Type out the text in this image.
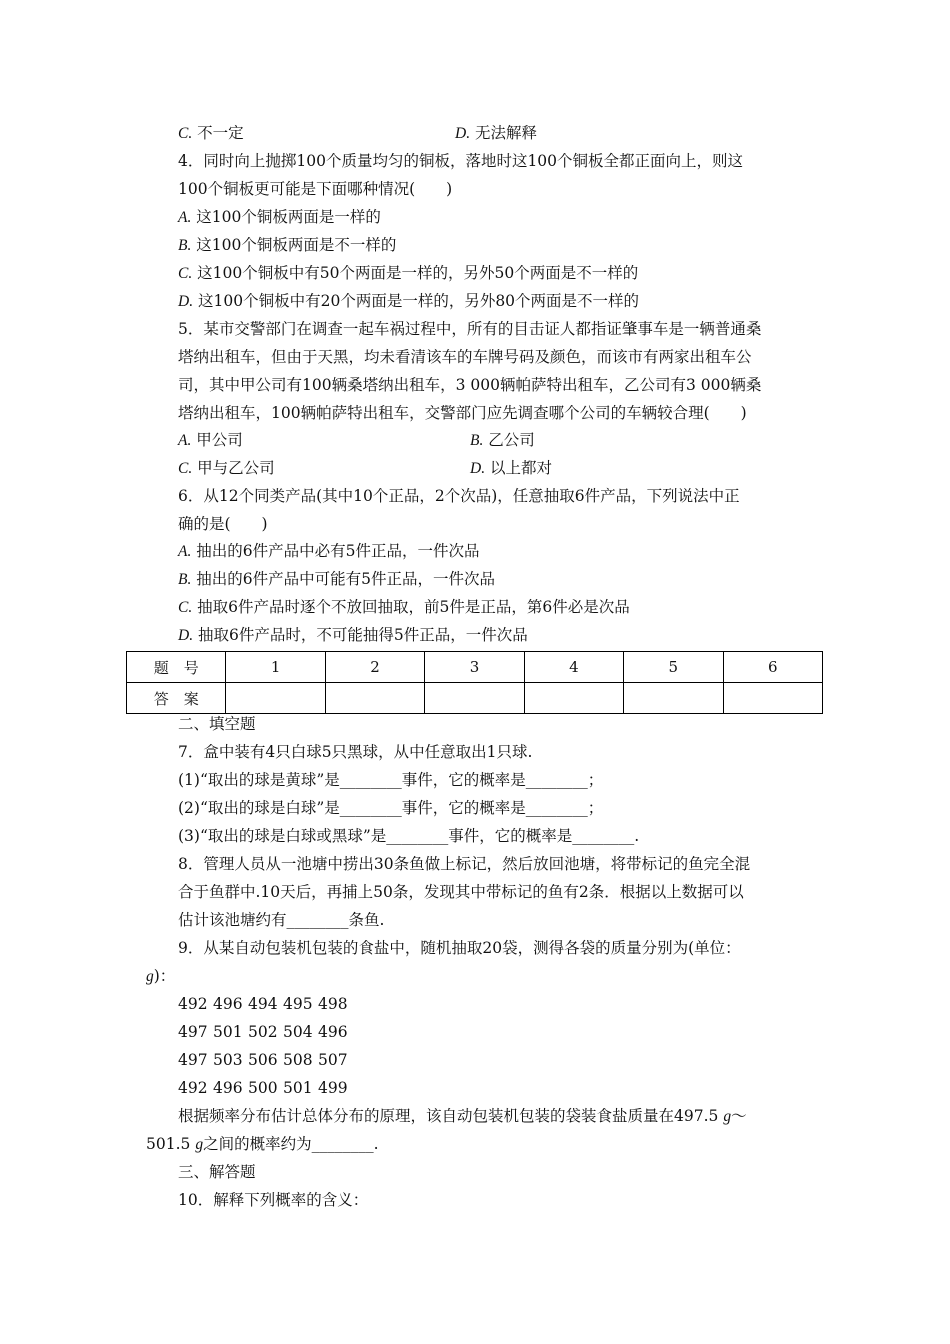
C. 不一定	D. 无法解释
4．同时向上抛掷100个质量均匀的铜板，落地时这100个铜板全都正面向上，则这
100个铜板更可能是下面哪种情况(　　)
A. 这100个铜板两面是一样的
B. 这100个铜板两面是不一样的
C. 这100个铜板中有50个两面是一样的，另外50个两面是不一样的
D. 这100个铜板中有20个两面是一样的，另外80个两面是不一样的
5．某市交警部门在调查一起车祸过程中，所有的目击证人都指证肇事车是一辆普通桑
塔纳出租车，但由于天黑，均未看清该车的车牌号码及颜色，而该市有两家出租车公
司，其中甲公司有100辆桑塔纳出租车，3 000辆帕萨特出租车，乙公司有3 000辆桑
塔纳出租车，100辆帕萨特出租车，交警部门应先调查哪个公司的车辆较合理(　　)
A. 甲公司	B. 乙公司
C. 甲与乙公司	D. 以上都对
6．从12个同类产品(其中10个正品，2个次品)，任意抽取6件产品，下列说法中正
确的是(　　)
A. 抽出的6件产品中必有5件正品，一件次品
B. 抽出的6件产品中可能有5件正品，一件次品
C. 抽取6件产品时逐个不放回抽取，前5件是正品，第6件必是次品
D. 抽取6件产品时，不可能抽得5件正品，一件次品
题　号	1	2	3	4	5	6
答　案						
二、填空题
7．盒中装有4只白球5只黑球，从中任意取出1只球.
(1)“取出的球是黄球”是________事件，它的概率是________；
(2)“取出的球是白球”是________事件，它的概率是________；
(3)“取出的球是白球或黑球”是________事件，它的概率是________.
8．管理人员从一池塘中捞出30条鱼做上标记，然后放回池塘，将带标记的鱼完全混
合于鱼群中.10天后，再捕上50条，发现其中带标记的鱼有2条．根据以上数据可以
估计该池塘约有________条鱼.
9．从某自动包装机包装的食盐中，随机抽取20袋，测得各袋的质量分别为(单位：
g)：
492 496 494 495 498
497 501 502 504 496
497 503 506 508 507
492 496 500 501 499
根据频率分布估计总体分布的原理，该自动包装机包装的袋装食盐质量在497.5 g～
501.5 g之间的概率约为________.
三、解答题
10．解释下列概率的含义：
